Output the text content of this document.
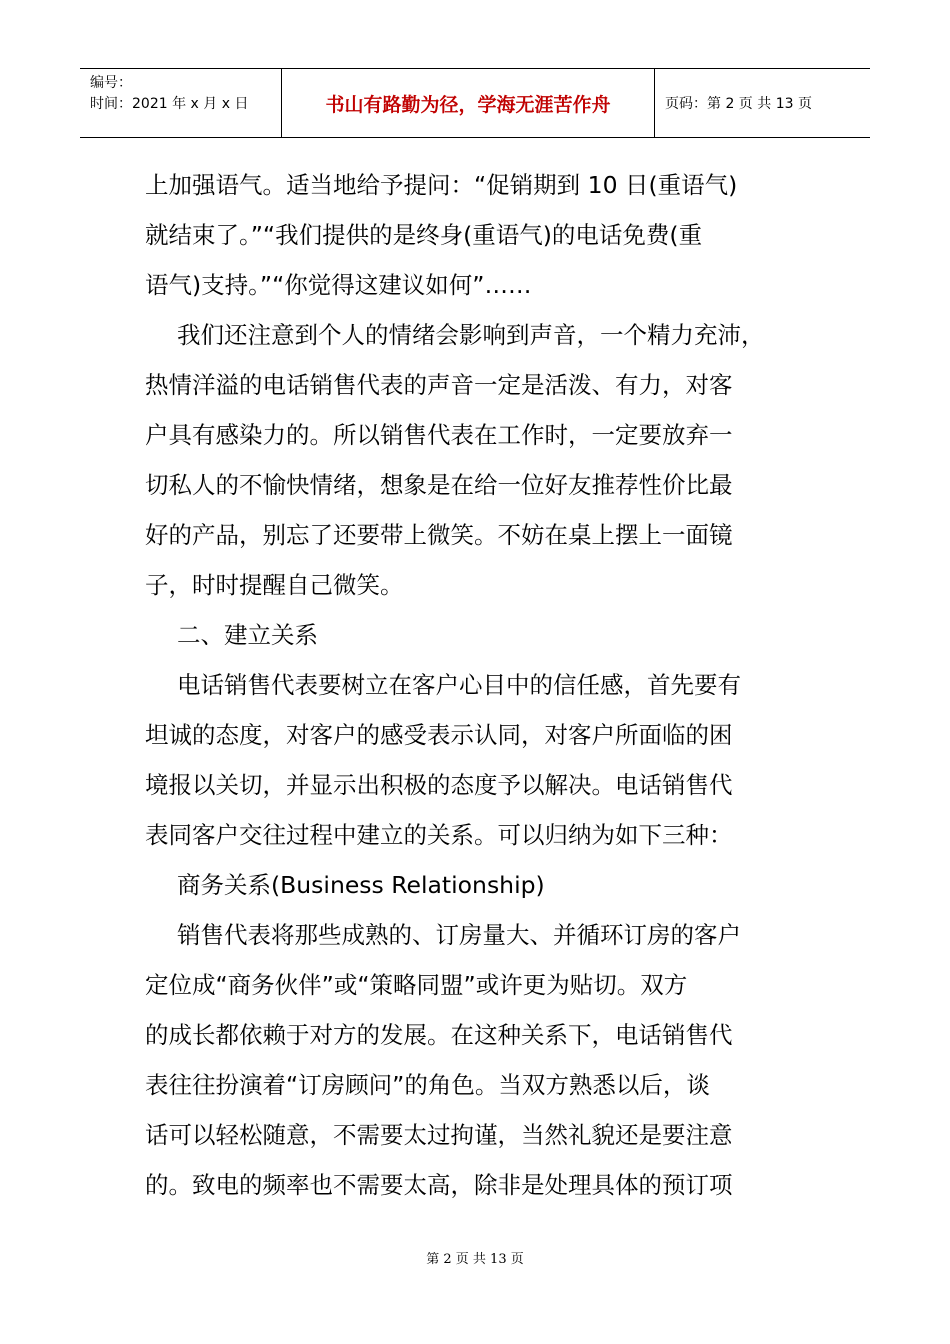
编号：
时间：2021 年 x 月 x 日	书山有路勤为径，学海无涯苦作舟	页码：第 2 页 共 13 页
上加强语气。适当地给予提问：“促销期到 10 日(重语气)
就结束了。”“我们提供的是终身(重语气)的电话免费(重
语气)支持。”“你觉得这建议如何”……
我们还注意到个人的情绪会影响到声音，一个精力充沛，
热情洋溢的电话销售代表的声音一定是活泼、有力，对客
户具有感染力的。所以销售代表在工作时，一定要放弃一
切私人的不愉快情绪，想象是在给一位好友推荐性价比最
好的产品，别忘了还要带上微笑。不妨在桌上摆上一面镜
子，时时提醒自己微笑。
二、建立关系
电话销售代表要树立在客户心目中的信任感，首先要有
坦诚的态度，对客户的感受表示认同，对客户所面临的困
境报以关切，并显示出积极的态度予以解决。电话销售代
表同客户交往过程中建立的关系。可以归纳为如下三种：
商务关系(Business Relationship)
销售代表将那些成熟的、订房量大、并循环订房的客户
定位成“商务伙伴”或“策略同盟”或许更为贴切。双方
的成长都依赖于对方的发展。在这种关系下，电话销售代
表往往扮演着“订房顾问”的角色。当双方熟悉以后，谈
话可以轻松随意，不需要太过拘谨，当然礼貌还是要注意
的。致电的频率也不需要太高，除非是处理具体的预订项
第 2 页 共 13 页
